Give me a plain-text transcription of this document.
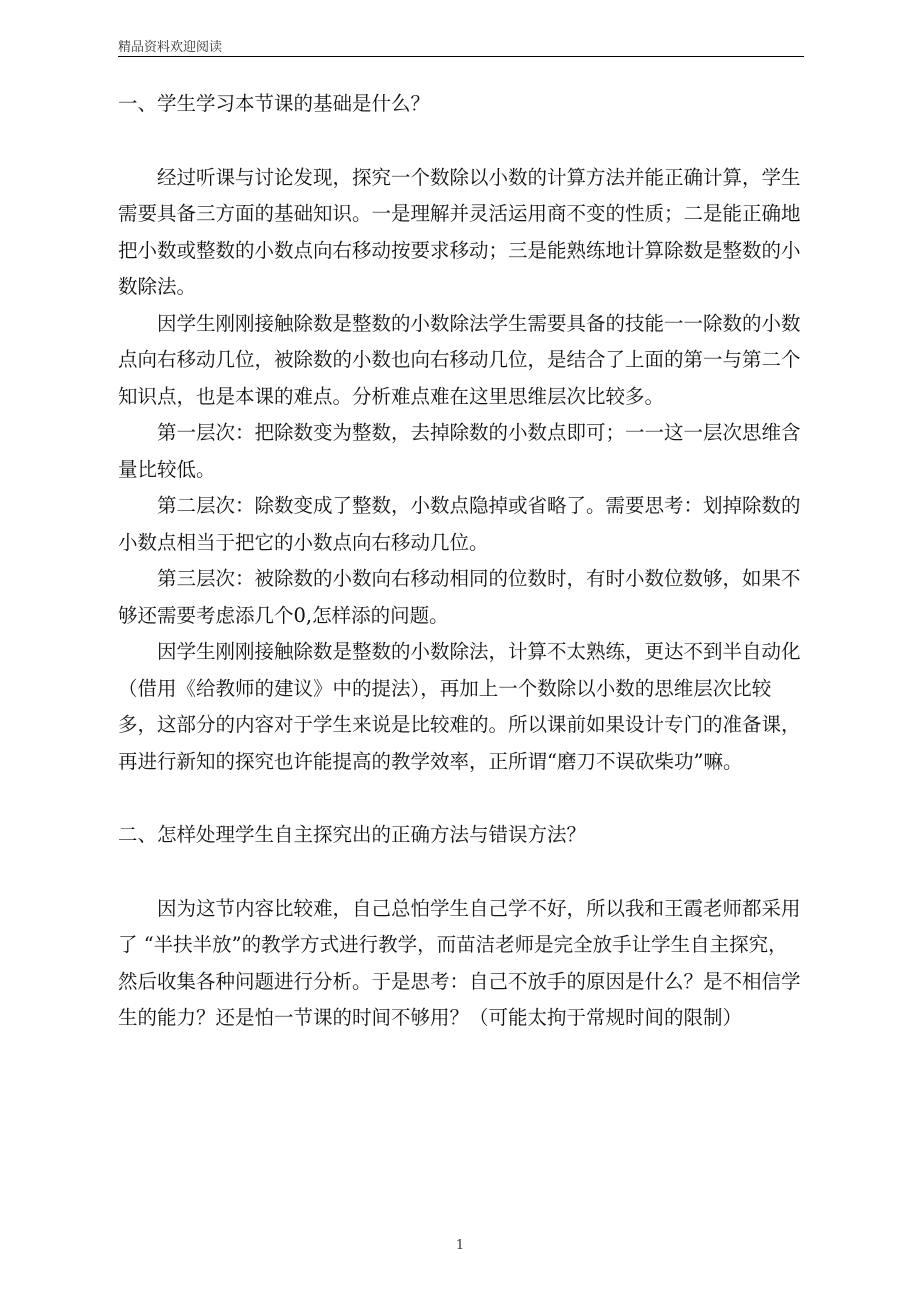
精品资料欢迎阅读
一、学生学习本节课的基础是什么？

经过听课与讨论发现，探究一个数除以小数的计算方法并能正确计算，学生需要具备三方面的基础知识。一是理解并灵活运用商不变的性质；二是能正确地把小数或整数的小数点向右移动按要求移动；三是能熟练地计算除数是整数的小数除法。

因学生刚刚接触除数是整数的小数除法学生需要具备的技能一一除数的小数点向右移动几位，被除数的小数也向右移动几位，是结合了上面的第一与第二个知识点，也是本课的难点。分析难点难在这里思维层次比较多。

第一层次：把除数变为整数，去掉除数的小数点即可；一一这一层次思维含量比较低。

第二层次：除数变成了整数，小数点隐掉或省略了。需要思考：划掉除数的小数点相当于把它的小数点向右移动几位。

第三层次：被除数的小数向右移动相同的位数时，有时小数位数够，如果不够还需要考虑添几个0,怎样添的问题。

因学生刚刚接触除数是整数的小数除法，计算不太熟练，更达不到半自动化（借用《给教师的建议》中的提法），再加上一个数除以小数的思维层次比较多，这部分的内容对于学生来说是比较难的。所以课前如果设计专门的准备课，再进行新知的探究也许能提高的教学效率，正所谓“磨刀不误砍柴功”嘛。

二、怎样处理学生自主探究出的正确方法与错误方法？

因为这节内容比较难，自己总怕学生自己学不好，所以我和王霞老师都采用了 “半扶半放”的教学方式进行教学，而苗洁老师是完全放手让学生自主探究，然后收集各种问题进行分析。于是思考：自己不放手的原因是什么？是不相信学生的能力？还是怕一节课的时间不够用？（可能太拘于常规时间的限制）

1
